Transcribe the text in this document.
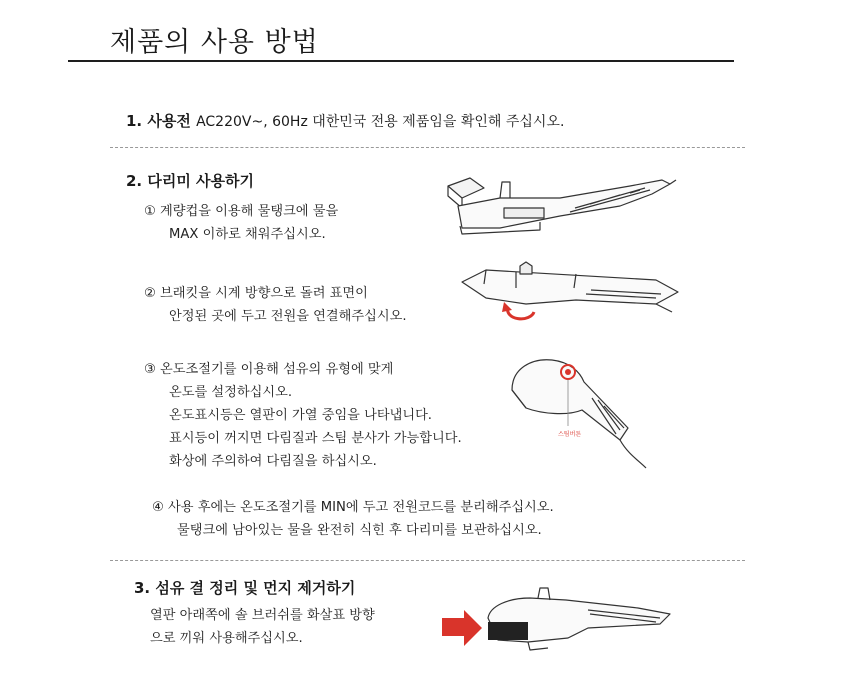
제품의 사용 방법
1. 사용전 AC220V~, 60Hz 대한민국 전용 제품임을 확인해 주십시오.
2. 다리미 사용하기
① 계량컵을 이용해 물탱크에 물을
MAX 이하로 채워주십시오.
② 브래킷을 시계 방향으로 돌려 표면이
안정된 곳에 두고 전원을 연결해주십시오.
③ 온도조절기를 이용해 섬유의 유형에 맞게
온도를 설정하십시오.
온도표시등은 열판이 가열 중임을 나타냅니다.
표시등이 꺼지면 다림질과 스팀 분사가 가능합니다.
화상에 주의하여 다림질을 하십시오.
④ 사용 후에는 온도조절기를 MIN에 두고 전원코드를 분리해주십시오.
물탱크에 남아있는 물을 완전히 식힌 후 다리미를 보관하십시오.
3. 섬유 결 정리 및 먼지 제거하기
열판 아래쪽에 솔 브러쉬를 화살표 방향
으로 끼워 사용해주십시오.
스팀버튼
